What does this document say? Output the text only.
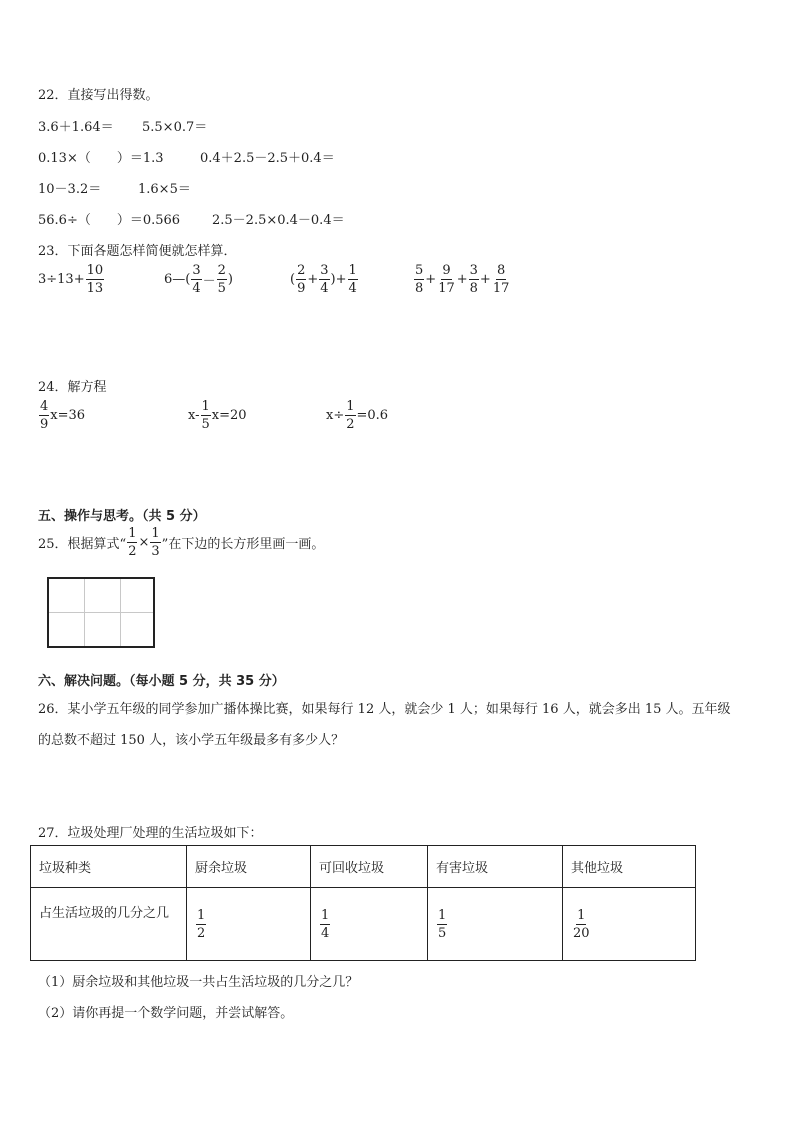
22．直接写出得数。
3.6＋1.64＝ 5.5×0.7＝
0.13×（　　）＝1.3	0.4＋2.5－2.5＋0.4＝
10－3.2＝	1.6×5＝
56.6÷（　　）＝0.566 2.5－2.5×0.4－0.4＝
23．下面各题怎样简便就怎样算．
$3\div 13+ \frac{10}{13}$	6—( $\frac{3}{4} - \frac{2}{5}$ )	( $\frac{2}{9} + \frac{3}{4}$ )+ $\frac{1}{4}$	$\frac{5}{8} + \frac{9}{17} + \frac{3}{8} + \frac{8}{17}$
24．解方程
$\frac{4}{9} x=36$	$x- \frac{1}{5} x=20$	$x\div \frac{1}{2} =0.6$
五、操作与思考。（共 5 分）
25．根据算式“ $\frac{1}{2} \times \frac{1}{3}$ ”在下边的长方形里画一画。
六、解决问题。（每小题 5 分，共 35 分）
26．某小学五年级的同学参加广播体操比赛，如果每行 12 人，就会少 1 人；如果每行 16 人，就会多出 15 人。五年级
的总数不超过 150 人，该小学五年级最多有多少人？
27．垃圾处理厂处理的生活垃圾如下：
垃圾种类	厨余垃圾	可回收垃圾	有害垃圾	其他垃圾
占生活垃圾的几分之几	$\frac{1}{2}$	$\frac{1}{4}$	$\frac{1}{5}$	$\frac{1}{20}$
（1）厨余垃圾和其他垃圾一共占生活垃圾的几分之几？
（2）请你再提一个数学问题，并尝试解答。
